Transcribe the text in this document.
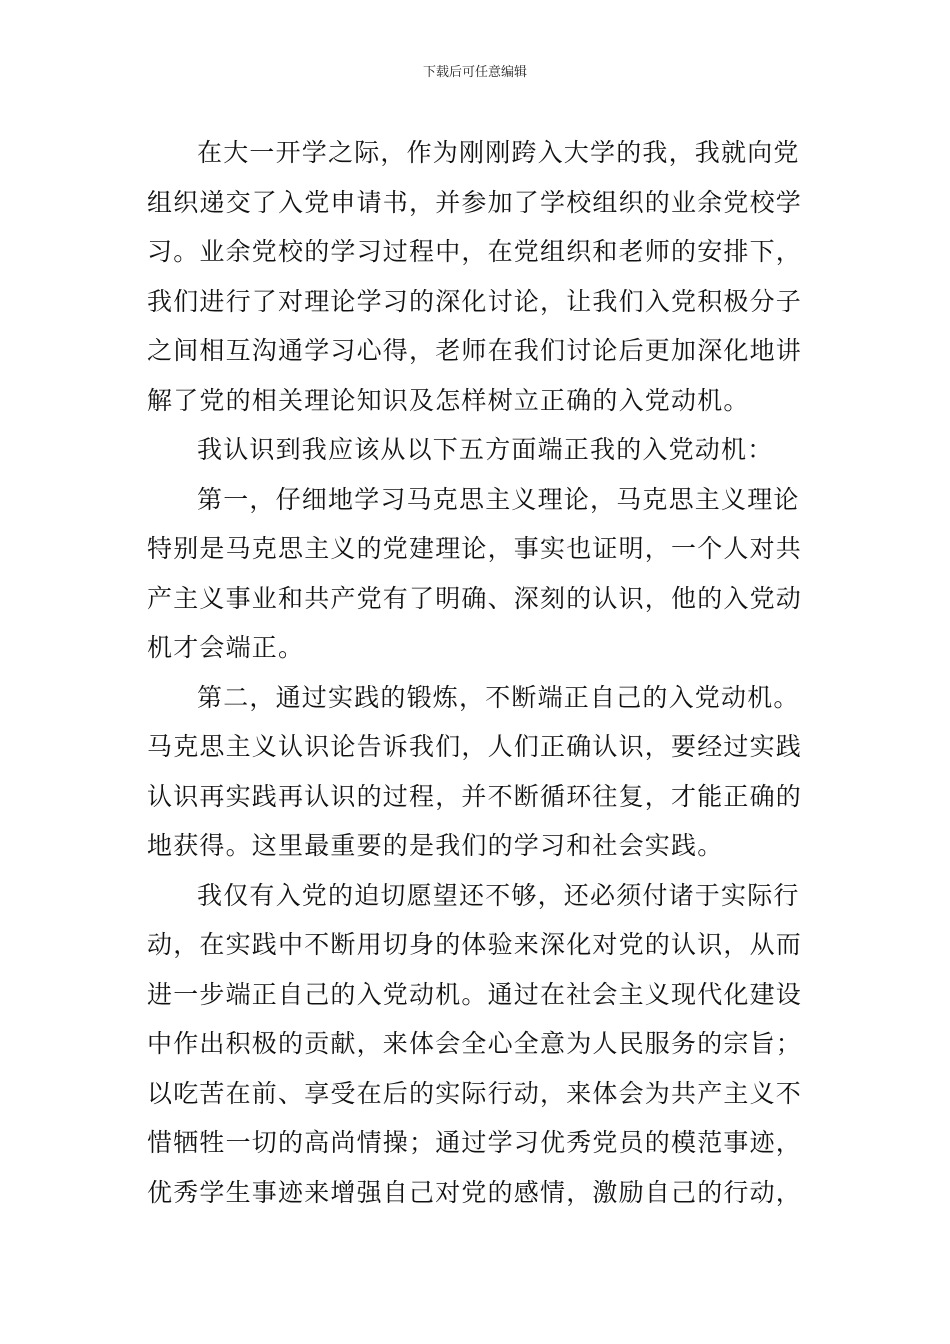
下载后可任意编辑
在大一开学之际，作为刚刚跨入大学的我，我就向党
组织递交了入党申请书，并参加了学校组织的业余党校学
习。业余党校的学习过程中，在党组织和老师的安排下，
我们进行了对理论学习的深化讨论，让我们入党积极分子
之间相互沟通学习心得，老师在我们讨论后更加深化地讲
解了党的相关理论知识及怎样树立正确的入党动机。
我认识到我应该从以下五方面端正我的入党动机：
第一，仔细地学习马克思主义理论，马克思主义理论
特别是马克思主义的党建理论，事实也证明，一个人对共
产主义事业和共产党有了明确、深刻的认识，他的入党动
机才会端正。
第二，通过实践的锻炼，不断端正自己的入党动机。
马克思主义认识论告诉我们，人们正确认识，要经过实践
认识再实践再认识的过程，并不断循环往复，才能正确的
地获得。这里最重要的是我们的学习和社会实践。
我仅有入党的迫切愿望还不够，还必须付诸于实际行
动，在实践中不断用切身的体验来深化对党的认识，从而
进一步端正自己的入党动机。通过在社会主义现代化建设
中作出积极的贡献，来体会全心全意为人民服务的宗旨；
以吃苦在前、享受在后的实际行动，来体会为共产主义不
惜牺牲一切的高尚情操；通过学习优秀党员的模范事迹，
优秀学生事迹来增强自己对党的感情，激励自己的行动，
